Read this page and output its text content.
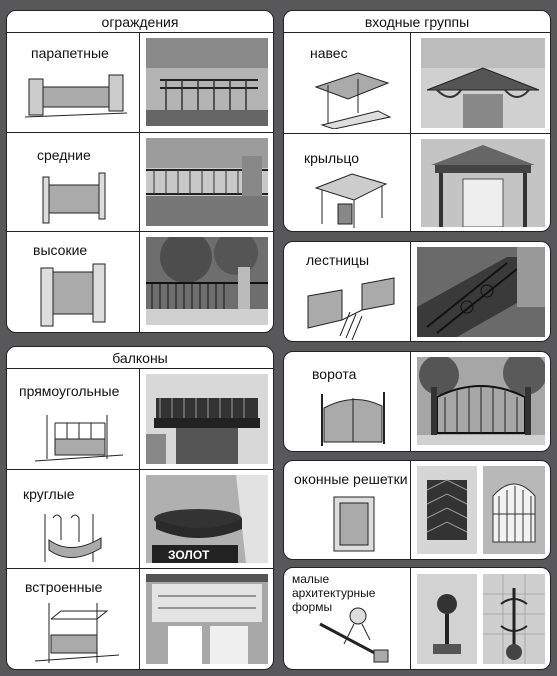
ограждения
парапетные
средние
высокие
балконы
прямоугольные
круглые
ЗОЛОТ
встроенные
входные группы
навес
крыльцо
лестницы
ворота
оконные решетки
малые архитектурные формы
